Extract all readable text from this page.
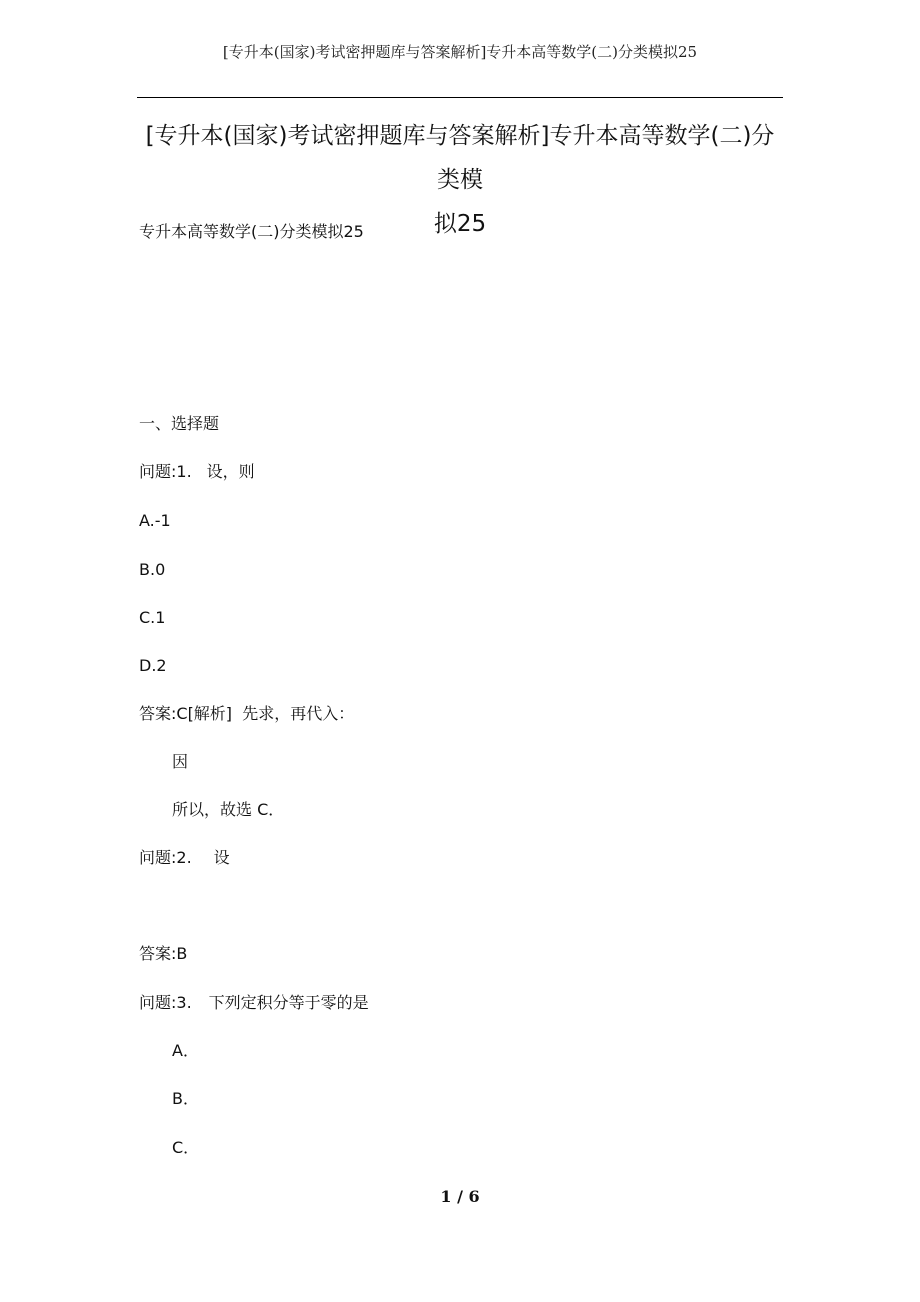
[专升本(国家)考试密押题库与答案解析]专升本高等数学(二)分类模拟25
[专升本(国家)考试密押题库与答案解析]专升本高等数学(二)分类模
拟25
专升本高等数学(二)分类模拟25
一、选择题
问题:1. 设，则
A.-1
B.0
C.1
D.2
答案:C[解析]  先求，再代入：
因
所以，故选 C．
问题:2. 设
答案:B
问题:3. 下列定积分等于零的是
A．
B．
C．
1 / 6
